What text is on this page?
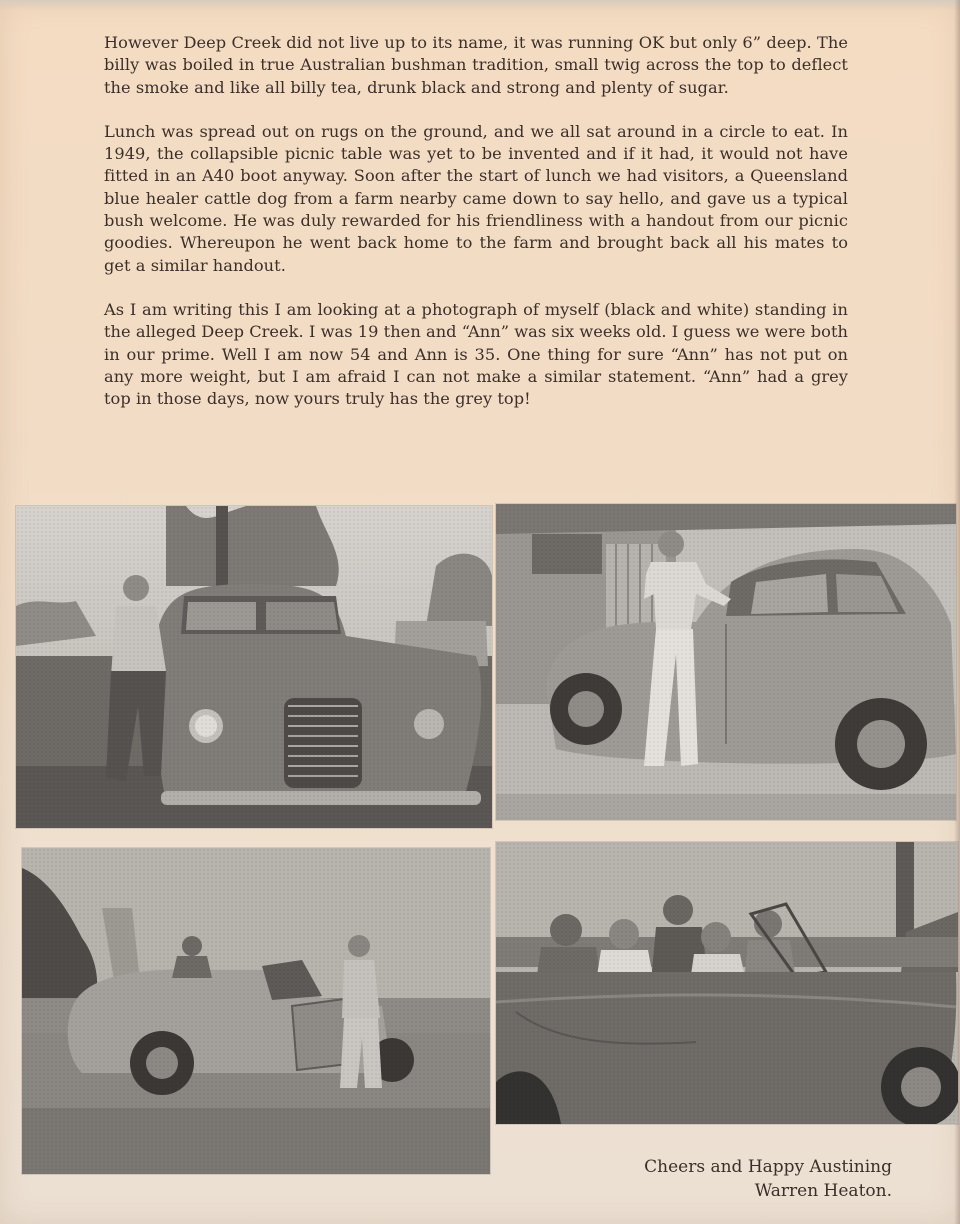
However Deep Creek did not live up to its name, it was running OK but only 6” deep. The billy was boiled in true Australian bushman tradition, small twig across the top to deflect the smoke and like all billy tea, drunk black and strong and plenty of sugar.

Lunch was spread out on rugs on the ground, and we all sat around in a circle to eat. In 1949, the collapsible picnic table was yet to be invented and if it had, it would not have fitted in an A40 boot anyway. Soon after the start of lunch we had visitors, a Queensland blue healer cattle dog from a farm nearby came down to say hello, and gave us a typical bush welcome. He was duly rewarded for his friendliness with a handout from our picnic goodies. Whereupon he went back home to the farm and brought back all his mates to get a similar handout.

As I am writing this I am looking at a photograph of myself (black and white) standing in the alleged Deep Creek. I was 19 then and “Ann” was six weeks old. I guess we were both in our prime. Well I am now 54 and Ann is 35. One thing for sure “Ann” has not put on any more weight, but I am afraid I can not make a similar statement. “Ann” had a grey top in those days, now yours truly has the grey top!

Cheers and Happy Austining
Warren Heaton.
